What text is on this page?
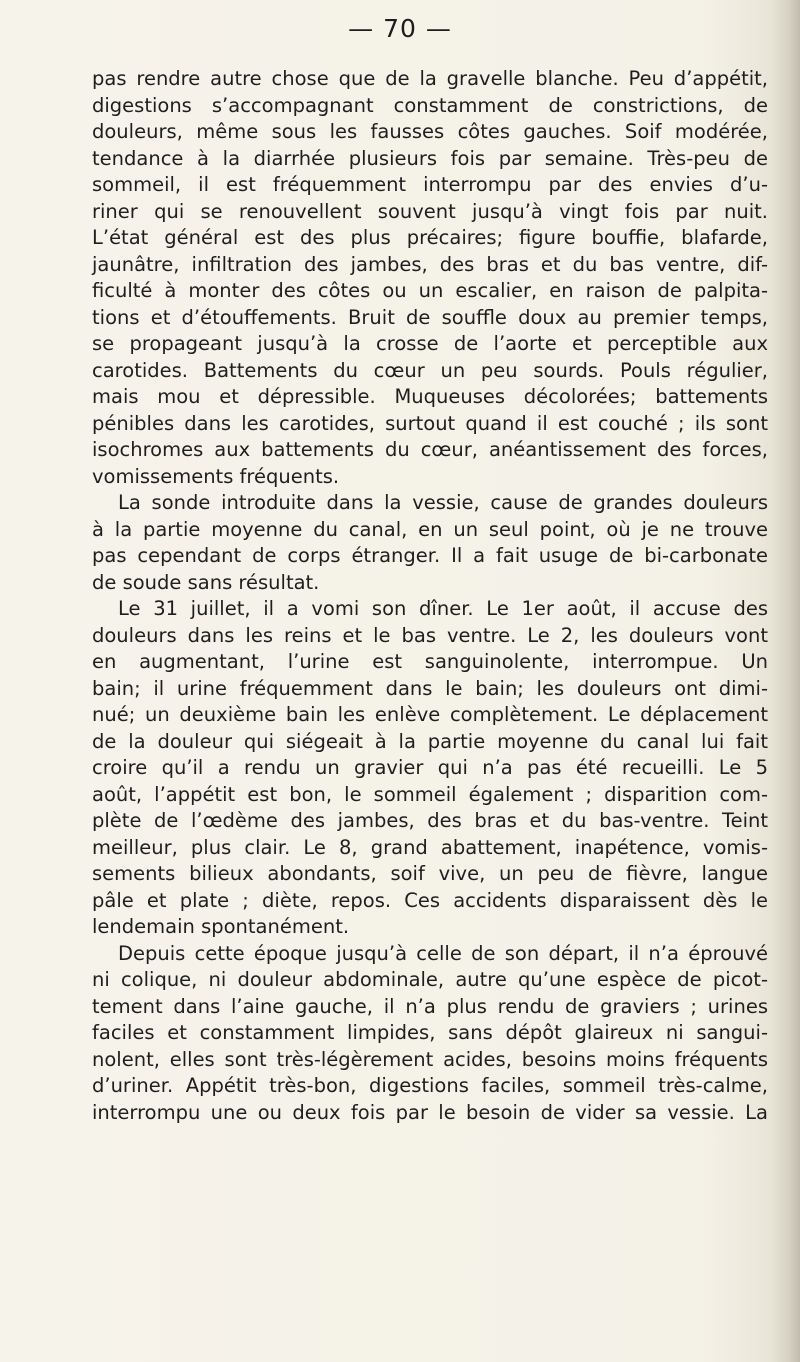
— 70 —

pas rendre autre chose que de la gravelle blanche. Peu d’appétit,
digestions s’accompagnant constamment de constrictions, de
douleurs, même sous les fausses côtes gauches. Soif modérée,
tendance à la diarrhée plusieurs fois par semaine. Très-peu de
sommeil, il est fréquemment interrompu par des envies d’u-
riner qui se renouvellent souvent jusqu’à vingt fois par nuit.
L’état général est des plus précaires; figure bouffie, blafarde,
jaunâtre, infiltration des jambes, des bras et du bas ventre, dif-
ficulté à monter des côtes ou un escalier, en raison de palpita-
tions et d’étouffements. Bruit de souffle doux au premier temps,
se propageant jusqu’à la crosse de l’aorte et perceptible aux
carotides. Battements du cœur un peu sourds. Pouls régulier,
mais mou et dépressible. Muqueuses décolorées; battements
pénibles dans les carotides, surtout quand il est couché ; ils sont
isochromes aux battements du cœur, anéantissement des forces,
vomissements fréquents.

La sonde introduite dans la vessie, cause de grandes douleurs
à la partie moyenne du canal, en un seul point, où je ne trouve
pas cependant de corps étranger. Il a fait usuge de bi-carbonate
de soude sans résultat.

Le 31 juillet, il a vomi son dîner. Le 1er août, il accuse des
douleurs dans les reins et le bas ventre. Le 2, les douleurs vont
en augmentant, l’urine est sanguinolente, interrompue. Un
bain; il urine fréquemment dans le bain; les douleurs ont dimi-
nué; un deuxième bain les enlève complètement. Le déplacement
de la douleur qui siégeait à la partie moyenne du canal lui fait
croire qu’il a rendu un gravier qui n’a pas été recueilli. Le 5
août, l’appétit est bon, le sommeil également ; disparition com-
plète de l’œdème des jambes, des bras et du bas-ventre. Teint
meilleur, plus clair. Le 8, grand abattement, inapétence, vomis-
sements bilieux abondants, soif vive, un peu de fièvre, langue
pâle et plate ; diète, repos. Ces accidents disparaissent dès le
lendemain spontanément.

Depuis cette époque jusqu’à celle de son départ, il n’a éprouvé
ni colique, ni douleur abdominale, autre qu’une espèce de picot-
tement dans l’aine gauche, il n’a plus rendu de graviers ; urines
faciles et constamment limpides, sans dépôt glaireux ni sangui-
nolent, elles sont très-légèrement acides, besoins moins fréquents
d’uriner. Appétit très-bon, digestions faciles, sommeil très-calme,
interrompu une ou deux fois par le besoin de vider sa vessie. La
